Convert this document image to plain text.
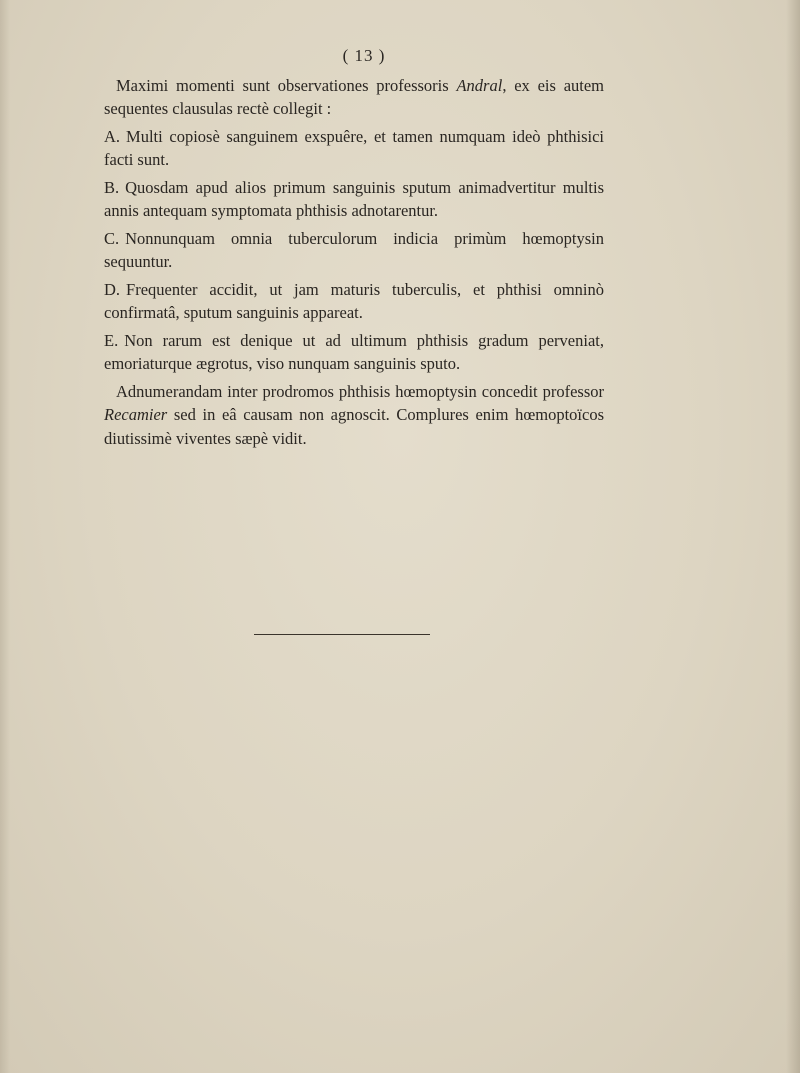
( 13 )

Maximi momenti sunt observationes professoris Andral, ex eis autem sequentes clausulas rectè collegit :

A. Multi copiosè sanguinem exspuêre, et tamen numquam ideò phthisici facti sunt.

B. Quosdam apud alios primum sanguinis sputum animadvertitur multis annis antequam symptomata phthisis adnotarentur.

C. Nonnunquam omnia tuberculorum indicia primùm hœmoptysin sequuntur.

D. Frequenter accidit, ut jam maturis tuberculis, et phthisi omninò confirmatâ, sputum sanguinis appareat.

E. Non rarum est denique ut ad ultimum phthisis gradum perveniat, emoriaturque ægrotus, viso nunquam sanguinis sputo.

Adnumerandam inter prodromos phthisis hœmoptysin concedit professor Recamier sed in eâ causam non agnoscit. Complures enim hœmoptoïcos diutissimè viventes sæpè vidit.
